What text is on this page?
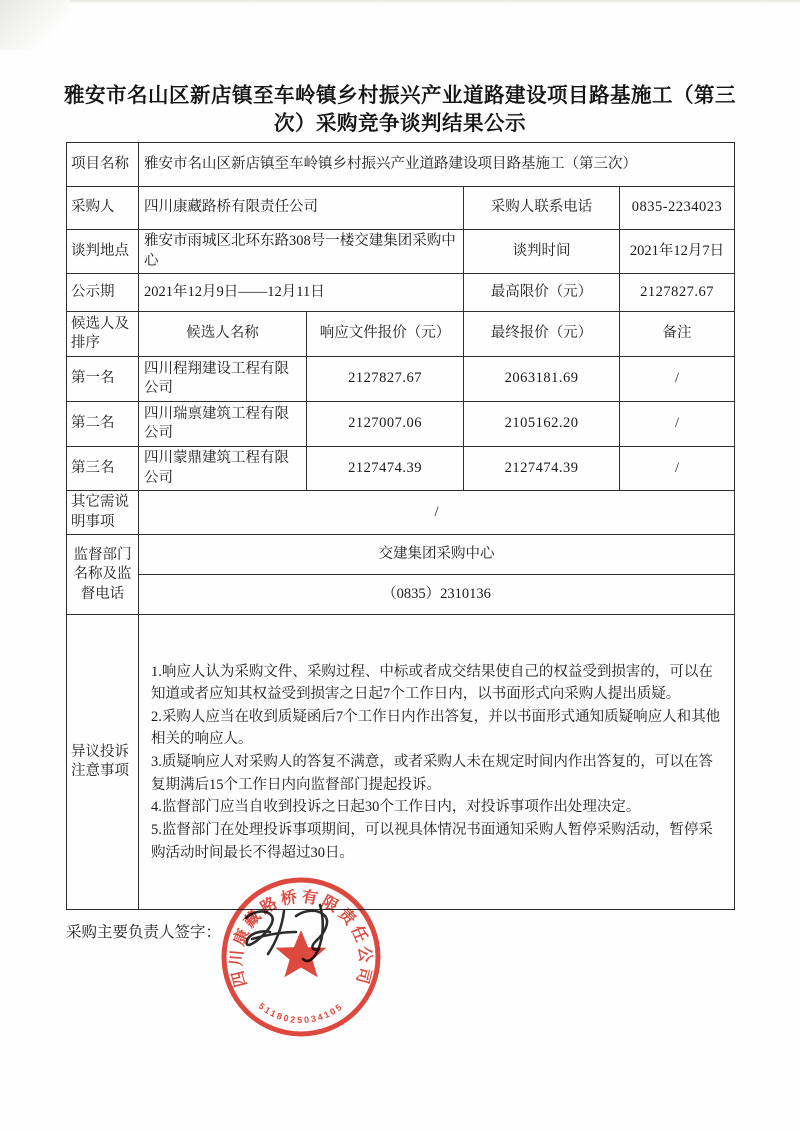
雅安市名山区新店镇至车岭镇乡村振兴产业道路建设项目路基施工（第三次）采购竞争谈判结果公示
项目名称	雅安市名山区新店镇至车岭镇乡村振兴产业道路建设项目路基施工（第三次）			
采购人	四川康藏路桥有限责任公司		采购人联系电话	0835-2234023
谈判地点	雅安市雨城区北环东路308号一楼交建集团采购中心		谈判时间	2021年12月7日
公示期	2021年12月9日——12月11日		最高限价（元）	2127827.67
候选人及排序	候选人名称	响应文件报价（元）	最终报价（元）	备注
第一名	四川程翔建设工程有限公司	2127827.67	2063181.69	/
第二名	四川瑞禀建筑工程有限公司	2127007.06	2105162.20	/
第三名	四川蒙鼎建筑工程有限公司	2127474.39	2127474.39	/
其它需说明事项	/			
监督部门名称及监督电话	交建集团采购中心			
	（0835）2310136			
异议投诉注意事项	1.响应人认为采购文件、采购过程、中标或者成交结果使自己的权益受到损害的，可以在知道或者应知其权益受到损害之日起7个工作日内，以书面形式向采购人提出质疑。
2.采购人应当在收到质疑函后7个工作日内作出答复，并以书面形式通知质疑响应人和其他相关的响应人。
3.质疑响应人对采购人的答复不满意，或者采购人未在规定时间内作出答复的，可以在答复期满后15个工作日内向监督部门提起投诉。
4.监督部门应当自收到投诉之日起30个工作日内，对投诉事项作出处理决定。
5.监督部门在处理投诉事项期间，可以视具体情况书面通知采购人暂停采购活动，暂停采购活动时间最长不得超过30日。			
采购主要负责人签字：
四川康藏路桥有限责任公司
5118025034105
